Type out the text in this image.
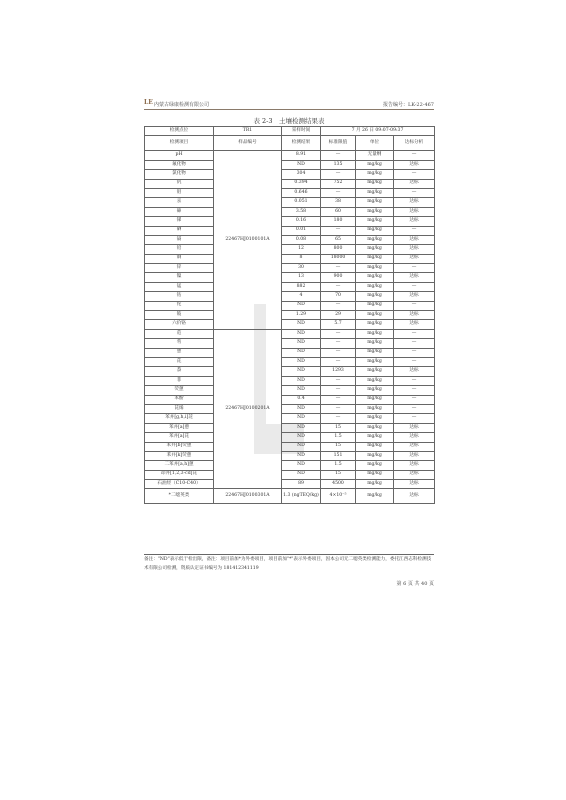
LE 内蒙古绿康检测有限公司	报告编号：LK-22-467
表 2-3　土壤检测结果表
检测点位	TR1	采样时间	7 月 26 日 09:07-09:37		
检测项目	样品编号	检测结果	标准限值	单位	达标分析
pH	22467HJ0100101A	8.91	—	无量纲	—
氟化物		ND	135	mg/kg	达标
氯化物		304	—	mg/kg	—
钒		0.394	752	mg/kg	达标
钼		0.646	—	mg/kg	—
汞		0.051	38	mg/kg	达标
砷		3.58	60	mg/kg	达标
锑		0.16	180	mg/kg	达标
硒		0.01	—	mg/kg	—
镉		0.08	65	mg/kg	达标
铅		12	800	mg/kg	达标
铜		8	18000	mg/kg	达标
锌		30	—	mg/kg	—
镍		13	900	mg/kg	达标
锰		882	—	mg/kg	—
钴		4	70	mg/kg	达标
铊		ND	—	mg/kg	—
铍		1.29	29	mg/kg	达标
六价铬		ND	5.7	mg/kg	达标
苊	22467HJ0100201A	ND	—	mg/kg	—
芴		ND	—	mg/kg	—
蒽		ND	—	mg/kg	—
芘		ND	—	mg/kg	—
萘		ND	1293	mg/kg	达标
菲		ND	—	mg/kg	—
荧蒽		ND	—	mg/kg	—
苯酚		0.4	—	mg/kg	—
芘烯		ND	—	mg/kg	—
苯并[g,h,i]苝		ND	—	mg/kg	—
苯并[a]蒽		ND	15	mg/kg	达标
苯并[a]芘		ND	1.5	mg/kg	达标
苯并[b]荧蒽		ND	15	mg/kg	达标
苯并[k]荧蒽		ND	151	mg/kg	达标
二苯并[a,h]蒽		ND	1.5	mg/kg	达标
茚并[1,2,3-cd]芘		ND	15	mg/kg	达标
石油烃（C10-C40）		89	4500	mg/kg	达标
*二噁英类	22467HJ0100301A	1.3 (ngTEQ/kg)	4×10⁻⁵	mg/kg	达标
备注："ND"表示低于检出限，备注：项目前加*为外委项目，项目前加"*"表示外委项目，因本公司无二噁英类检测能力，委托江西志科检测技术有限公司检测，资质认定证书编号为 181412341119
第 6 页 共 40 页
